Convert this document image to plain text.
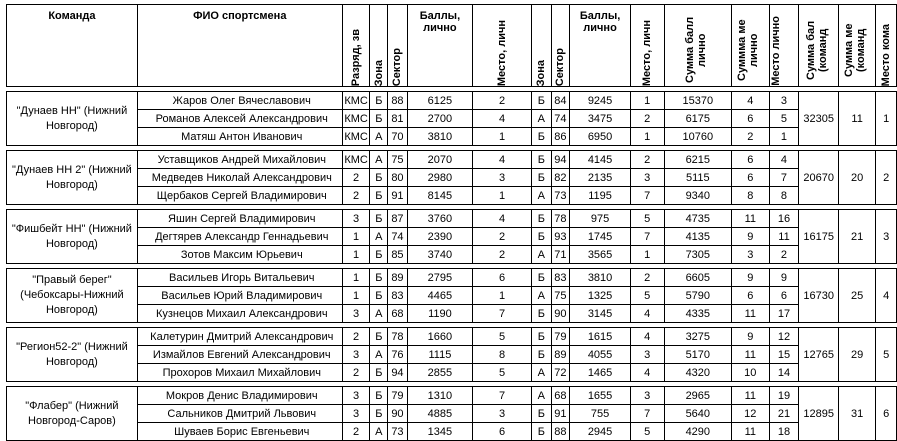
Команда	ФИО спортсмена	Разряд, зв	Зона	Сектор	Баллы, лично	Место, личн	Зона	Сектор	Баллы, лично	Место, личн	Сумма балл лично	Суммма ме лично	Место лично	Сумма бал (команд	Сумма ме (команд	Место кома

"Дунаев НН" (Нижний Новгород)	Жаров Олег Вячеславович	КМС	Б	88	6125	2	Б	84	9245	1	15370	4	3	32305	11	1
	Романов Алексей Александрович	КМС	Б	81	2700	4	А	74	3475	2	6175	6	5			
	Матяш Антон Иванович	КМС	А	70	3810	1	Б	86	6950	1	10760	2	1			

"Дунаев НН 2" (Нижний Новгород)	Уставщиков Андрей Михайлович	КМС	А	75	2070	4	Б	94	4145	2	6215	6	4	20670	20	2
	Медведев Николай Александрович	2	Б	80	2980	3	Б	82	2135	3	5115	6	7			
	Щербаков Сергей Владимирович	2	Б	91	8145	1	А	73	1195	7	9340	8	8			

"Фишбейт НН" (Нижний Новгород)	Яшин Сергей Владимирович	3	Б	87	3760	4	Б	78	975	5	4735	11	16	16175	21	3
	Дегтярев Александр Геннадьевич	1	А	74	2390	2	Б	93	1745	7	4135	9	11			
	Зотов Максим Юрьевич	1	Б	85	3740	2	А	71	3565	1	7305	3	2			

"Правый берег" (Чебоксары-Нижний Новгород)	Васильев Игорь Витальевич	1	Б	89	2795	6	Б	83	3810	2	6605	9	9	16730	25	4
	Васильев Юрий Владимирович	1	Б	83	4465	1	А	75	1325	5	5790	6	6			
	Кузнецов Михаил Александрович	3	А	68	1190	7	Б	90	3145	4	4335	11	17			

"Регион52-2" (Нижний Новгород)	Калетурин Дмитрий Александрович	2	Б	78	1660	5	Б	79	1615	4	3275	9	12	12765	29	5
	Измайлов Евгений Александрович	3	А	76	1115	8	Б	89	4055	3	5170	11	15			
	Прохоров Михаил Михайлович	2	Б	94	2855	5	А	72	1465	4	4320	10	14			

"Флабер" (Нижний Новгород-Саров)	Мокров Денис Владимирович	3	Б	79	1310	7	А	68	1655	3	2965	11	19	12895	31	6
	Сальников Дмитрий Львович	3	Б	90	4885	3	Б	91	755	7	5640	12	21			
	Шуваев Борис Евгеньевич	2	А	73	1345	6	Б	88	2945	5	4290	11	18			
